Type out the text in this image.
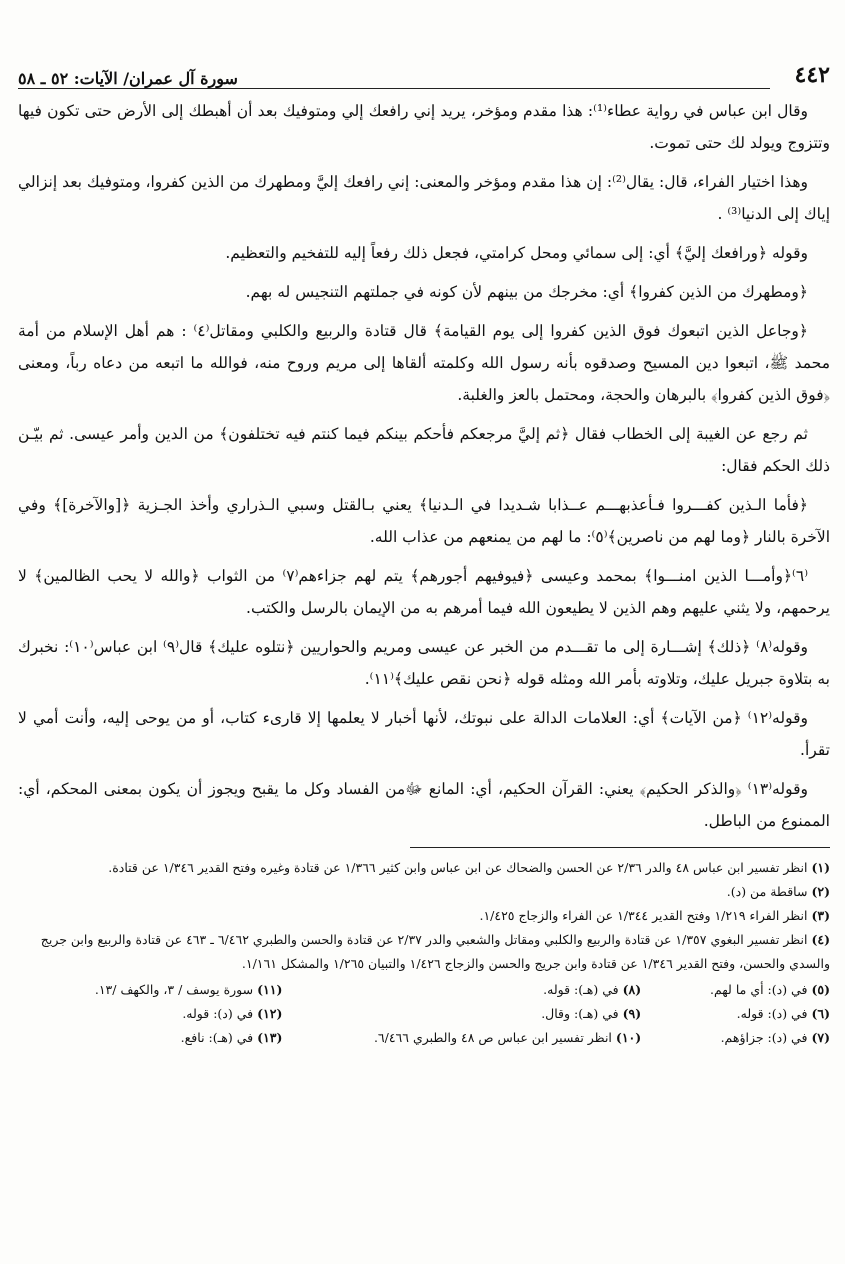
٤٤٢
سورة آل عمران/ الآيات: ٥٢ ـ ٥٨

وقال ابن عباس في رواية عطاء⁽¹⁾: هذا مقدم ومؤخر، يريد إني رافعك إلي ومتوفيك بعد أن أهبطك إلى الأرض حتى تكون فيها وتتزوج ويولد لك حتى تموت.

وهذا اختيار الفراء، قال: يقال⁽²⁾: إن هذا مقدم ومؤخر والمعنى: إني رافعك إليَّ ومطهرك من الذين كفروا، ومتوفيك بعد إنزالي إياك إلى الدنيا⁽³⁾ .

وقوله ﴿ورافعك إليَّ﴾ أي: إلى سمائي ومحل كرامتي، فجعل ذلك رفعاً إليه للتفخيم والتعظيم.

﴿ومطهرك من الذين كفروا﴾ أي: مخرجك من بينهم لأن كونه في جملتهم التنجيس له بهم.

﴿وجاعل الذين اتبعوك فوق الذين كفروا إلى يوم القيامة﴾ قال قتادة والربيع والكلبي ومقاتل⁽٤⁾ : هم أهل الإسلام من أمة محمد ﷺ، اتبعوا دين المسيح وصدقوه بأنه رسول الله وكلمته ألقاها إلى مريم وروح منه، فوالله ما اتبعه من دعاه رباً، ومعنى ﴿فوق الذين كفروا﴾ بالبرهان والحجة، ومحتمل بالعز والغلبة.

ثم رجع عن الغيبة إلى الخطاب فقال ﴿ثم إليَّ مرجعكم فأحكم بينكم فيما كنتم فيه تختلفون﴾ من الدين وأمر عيسى. ثم بيّـن ذلك الحكم فقال:

﴿فأما الـذين كفـــروا فـأعذبهـــم عــذابا شـديدا في الـدنيا﴾ يعني بـالقتل وسبي الـذراري وأخذ الجـزية ﴿[والآخرة]﴾ وفي الآخرة بالنار ﴿وما لهم من ناصرين﴾⁽٥⁾: ما لهم من يمنعهم من عذاب الله.

⁽٦⁾﴿وأمـــا الذين امنـــوا﴾ بمحمد وعيسى ﴿فيوفيهم أجورهم﴾ يتم لهم جزاءهم⁽٧⁾ من الثواب ﴿والله لا يحب الظالمين﴾ لا يرحمهم، ولا يثني عليهم وهم الذين لا يطيعون الله فيما أمرهم به من الإيمان بالرسل والكتب.

وقوله⁽٨⁾ ﴿ذلك﴾ إشـــارة إلى ما تقـــدم من الخبر عن عيسى ومريم والحواريين ﴿نتلوه عليك﴾ قال⁽٩⁾ ابن عباس⁽١٠⁾: نخبرك به بتلاوة جبريل عليك، وتلاوته بأمر الله ومثله قوله ﴿نحن نقص عليك﴾⁽١١⁾.

وقوله⁽١٢⁾ ﴿من الآيات﴾ أي: العلامات الدالة على نبوتك، لأنها أخبار لا يعلمها إلا قارىء كتاب، أو من يوحى إليه، وأنت أمي لا تقرأ.

وقوله⁽١٣⁾ ﴿والذكر الحكيم﴾ يعني: القرآن الحكيم، أي: المانع ﷻمن الفساد وكل ما يقبح ويجوز أن يكون بمعنى المحكم، أي: الممنوع من الباطل.

(١) انظر تفسير ابن عباس ٤٨ والدر ٢/٣٦ عن الحسن والضحاك عن ابن عباس وابن كثير ١/٣٦٦ عن قتادة وغيره وفتح القدير ١/٣٤٦ عن قتادة.

(٢) ساقطة من (د).

(٣) انظر الفراء ١/٢١٩ وفتح القدير ١/٣٤٤ عن الفراء والزجاج ١/٤٢٥.

(٤) انظر تفسير البغوي ١/٣٥٧ عن قتادة والربيع والكلبي ومقاتل والشعبي والدر ٢/٣٧ عن قتادة والحسن والطبري ٦/٤٦٢ ـ ٤٦٣ عن قتادة والربيع وابن جريج والسدي والحسن، وفتح القدير ١/٣٤٦ عن قتادة وابن جريج والحسن والزجاج ١/٤٢٦ والتبيان ١/٢٦٥ والمشكل ١/١٦١.

(٥) في (د): أي ما لهم.
(٨) في (هـ): قوله.
(١١) سورة يوسف / ٣، والكهف /١٣.
(٦) في (د): قوله.
(٩) في (هـ): وقال.
(١٢) في (د): قوله.
(٧) في (د): جزاؤهم.
(١٠) انظر تفسير ابن عباس ص ٤٨ والطبري ٦/٤٦٦.
(١٣) في (هـ): نافع.
